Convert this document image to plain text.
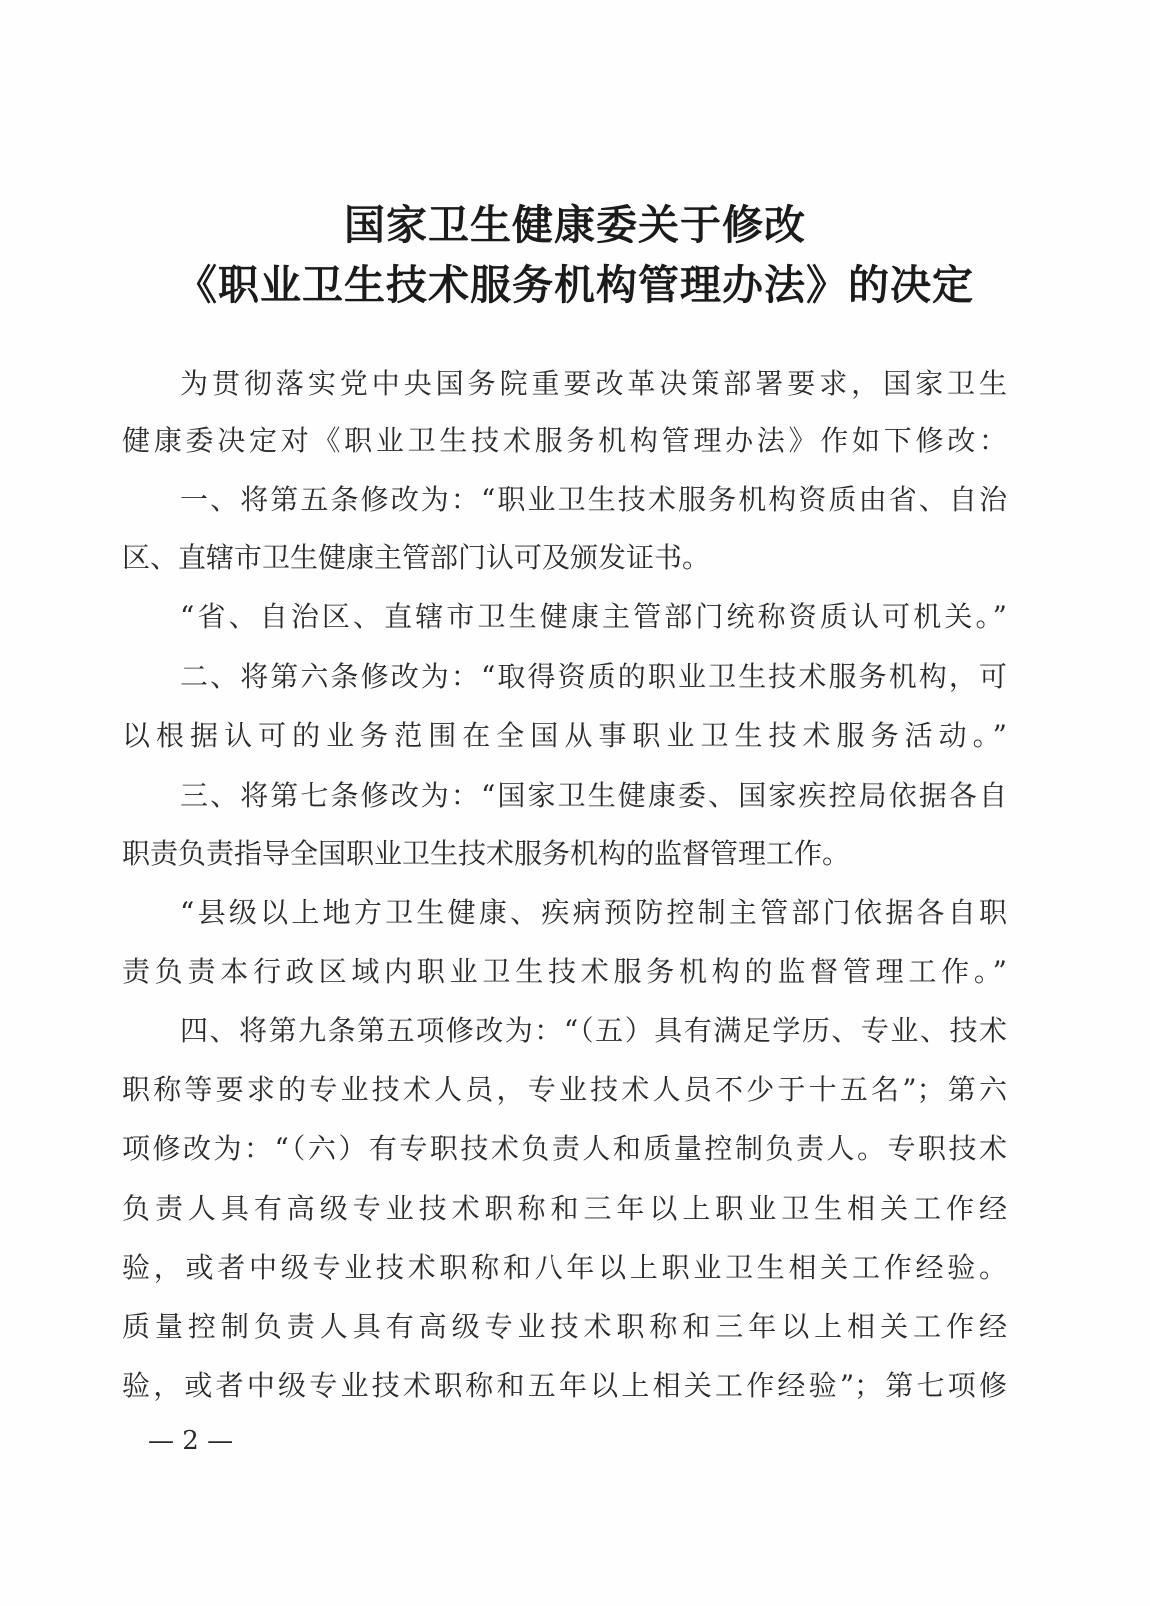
国家卫生健康委关于修改
《职业卫生技术服务机构管理办法》的决定
为贯彻落实党中央国务院重要改革决策部署要求，国家卫生
健康委决定对《职业卫生技术服务机构管理办法》作如下修改：
一、将第五条修改为：“职业卫生技术服务机构资质由省、自治
区、直辖市卫生健康主管部门认可及颁发证书。
“省、自治区、直辖市卫生健康主管部门统称资质认可机关。”
二、将第六条修改为：“取得资质的职业卫生技术服务机构，可
以根据认可的业务范围在全国从事职业卫生技术服务活动。”
三、将第七条修改为：“国家卫生健康委、国家疾控局依据各自
职责负责指导全国职业卫生技术服务机构的监督管理工作。
“县级以上地方卫生健康、疾病预防控制主管部门依据各自职
责负责本行政区域内职业卫生技术服务机构的监督管理工作。”
四、将第九条第五项修改为：“（五）具有满足学历、专业、技术
职称等要求的专业技术人员，专业技术人员不少于十五名”；第六
项修改为：“（六）有专职技术负责人和质量控制负责人。专职技术
负责人具有高级专业技术职称和三年以上职业卫生相关工作经
验，或者中级专业技术职称和八年以上职业卫生相关工作经验。
质量控制负责人具有高级专业技术职称和三年以上相关工作经
验，或者中级专业技术职称和五年以上相关工作经验”；第七项修
— 2 —
